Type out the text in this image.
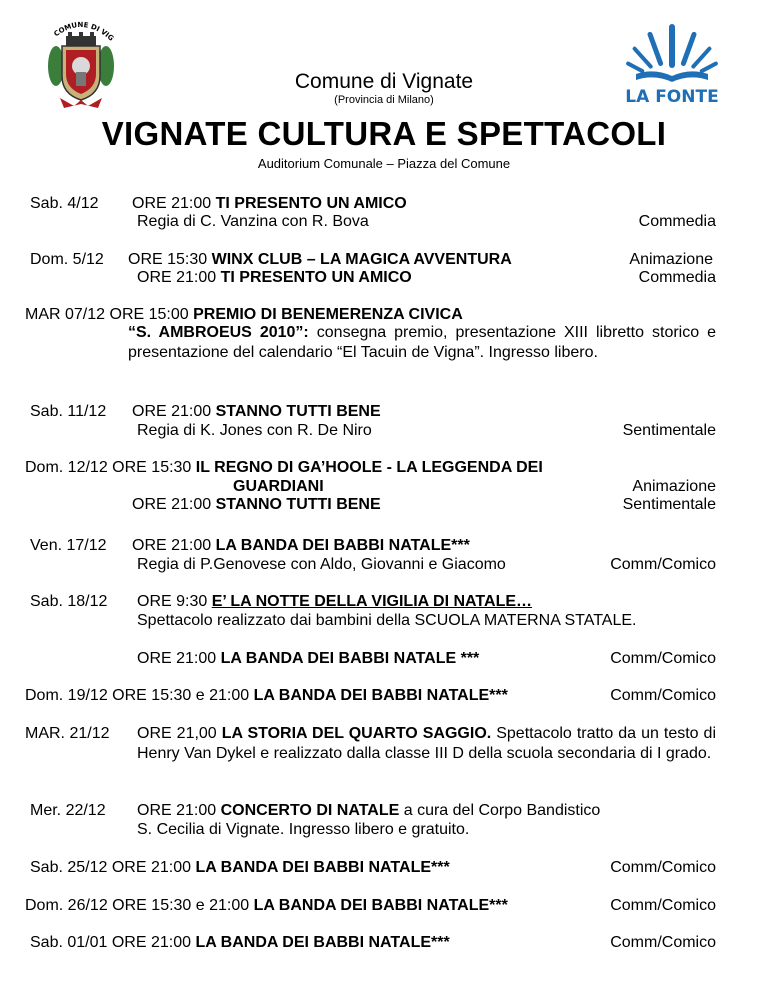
COMUNE DI VIG
LA FONTE
Comune di Vignate
(Provincia di Milano)
VIGNATE CULTURA E SPETTACOLI
Auditorium Comunale – Piazza del Comune
Sab. 4/12 ORE 21:00 TI PRESENTO UN AMICO
Regia di C. Vanzina con R. Bova	Commedia
Dom. 5/12 ORE 15:30 WINX CLUB – LA MAGICA AVVENTURA	Animazione
ORE 21:00 TI PRESENTO UN AMICO	Commedia
MAR 07/12 ORE 15:00 PREMIO DI BENEMERENZA CIVICA
“S. AMBROEUS 2010”: consegna premio, presentazione XIII libretto storico e presentazione del calendario “El Tacuin de Vigna”. Ingresso libero.
Sab. 11/12 ORE 21:00 STANNO TUTTI BENE
Regia di K. Jones con R. De Niro	Sentimentale
Dom. 12/12 ORE 15:30 IL REGNO DI GA’HOOLE - LA LEGGENDA DEI
GUARDIANI	Animazione
ORE 21:00 STANNO TUTTI BENE	Sentimentale
Ven. 17/12 ORE 21:00 LA BANDA DEI BABBI NATALE***
Regia di P.Genovese con Aldo, Giovanni e Giacomo	Comm/Comico
Sab. 18/12 ORE 9:30 E’ LA NOTTE DELLA VIGILIA DI NATALE…
Spettacolo realizzato dai bambini della SCUOLA MATERNA STATALE.
ORE 21:00 LA BANDA DEI BABBI NATALE ***	Comm/Comico
Dom. 19/12 ORE 15:30 e 21:00 LA BANDA DEI BABBI NATALE***	Comm/Comico
MAR. 21/12 ORE 21,00 LA STORIA DEL QUARTO SAGGIO. Spettacolo tratto da un testo di Henry Van Dykel e realizzato dalla classe III D della scuola secondaria di I grado.
Mer. 22/12 ORE 21:00 CONCERTO DI NATALE a cura del Corpo Bandistico
S. Cecilia di Vignate. Ingresso libero e gratuito.
Sab. 25/12 ORE 21:00 LA BANDA DEI BABBI NATALE***	Comm/Comico
Dom. 26/12 ORE 15:30 e 21:00 LA BANDA DEI BABBI NATALE***	Comm/Comico
Sab. 01/01 ORE 21:00 LA BANDA DEI BABBI NATALE***	Comm/Comico
